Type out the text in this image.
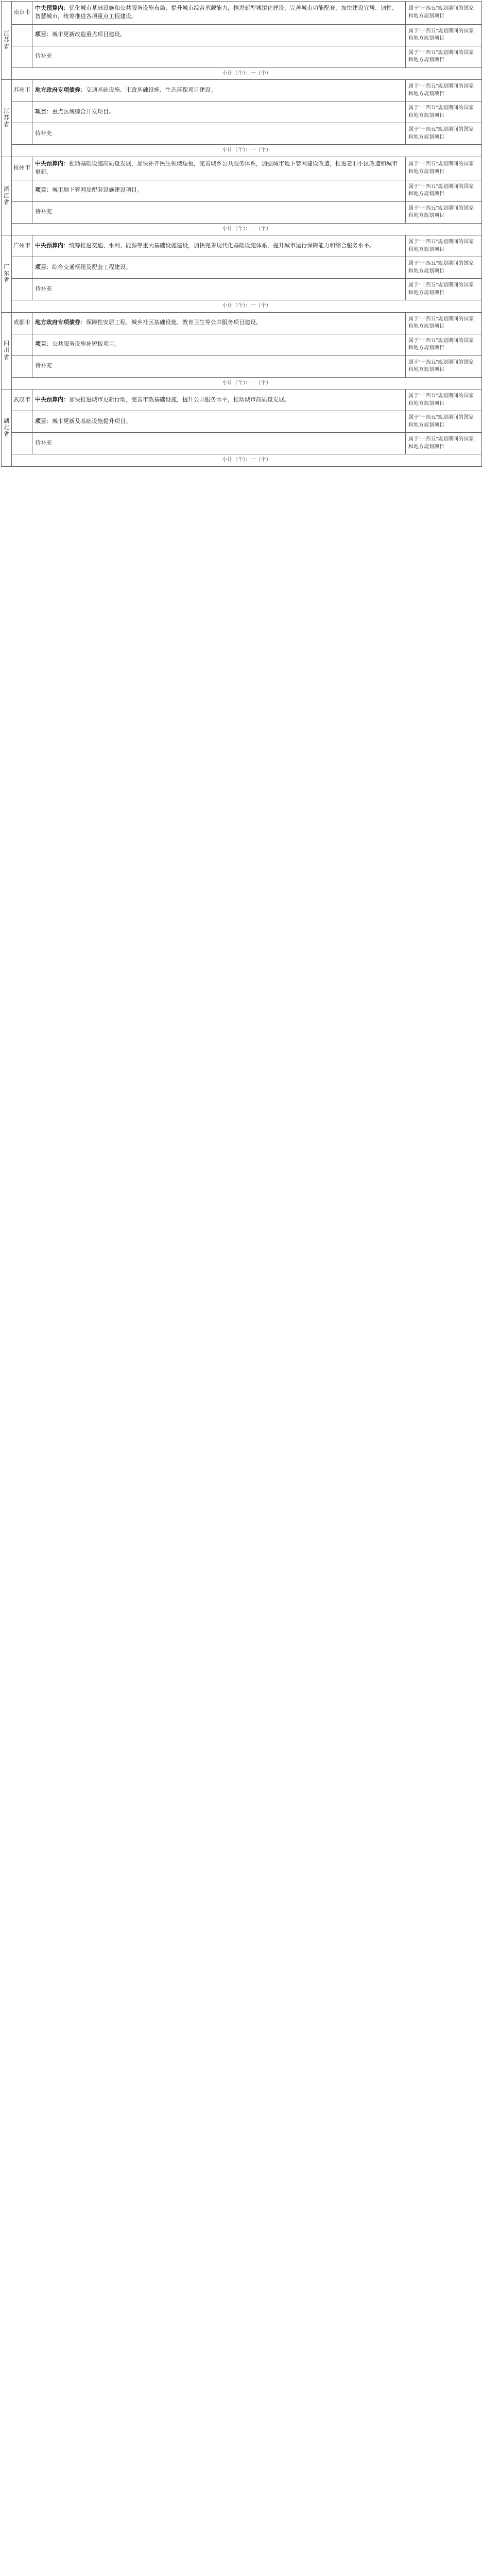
江苏省	南京市	中央预算内：优化城市基础设施和公共服务设施布局，提升城市综合承载能力，推进新型城镇化建设，完善城市功能配套，加快建设宜居、韧性、智慧城市，统筹推进各项重点工程建设。	属于"十四五"规划期间的国家和地方规划项目
		项目：城市更新改造重点项目建设。	属于"十四五"规划期间的国家和地方规划项目
		待补充	属于"十四五"规划期间的国家和地方规划项目
	小计（个）：一（个）		
江苏省	苏州市	地方政府专项债券：交通基础设施、市政基础设施、生态环保项目建设。	属于"十四五"规划期间的国家和地方规划项目
		项目：重点区域综合开发项目。	属于"十四五"规划期间的国家和地方规划项目
		待补充	属于"十四五"规划期间的国家和地方规划项目
	小计（个）：一（个）		
浙江省	杭州市	中央预算内：推动基础设施高质量发展，加快补齐民生领域短板，完善城乡公共服务体系，加强城市地下管网建设改造，推进老旧小区改造和城市更新。	属于"十四五"规划期间的国家和地方规划项目
		项目：城市地下管网及配套设施建设项目。	属于"十四五"规划期间的国家和地方规划项目
		待补充	属于"十四五"规划期间的国家和地方规划项目
	小计（个）：一（个）		
广东省	广州市	中央预算内：统筹推进交通、水利、能源等重大基础设施建设，加快完善现代化基础设施体系，提升城市运行保障能力和综合服务水平。	属于"十四五"规划期间的国家和地方规划项目
		项目：综合交通枢纽及配套工程建设。	属于"十四五"规划期间的国家和地方规划项目
		待补充	属于"十四五"规划期间的国家和地方规划项目
	小计（个）：一（个）		
四川省	成都市	地方政府专项债券：保障性安居工程、城乡社区基础设施、教育卫生等公共服务项目建设。	属于"十四五"规划期间的国家和地方规划项目
		项目：公共服务设施补短板项目。	属于"十四五"规划期间的国家和地方规划项目
		待补充	属于"十四五"规划期间的国家和地方规划项目
	小计（个）：一（个）		
湖北省	武汉市	中央预算内：加快推进城市更新行动，完善市政基础设施，提升公共服务水平，推动城市高质量发展。	属于"十四五"规划期间的国家和地方规划项目
		项目：城市更新及基础设施提升项目。	属于"十四五"规划期间的国家和地方规划项目
		待补充	属于"十四五"规划期间的国家和地方规划项目
	小计（个）：一（个）		
